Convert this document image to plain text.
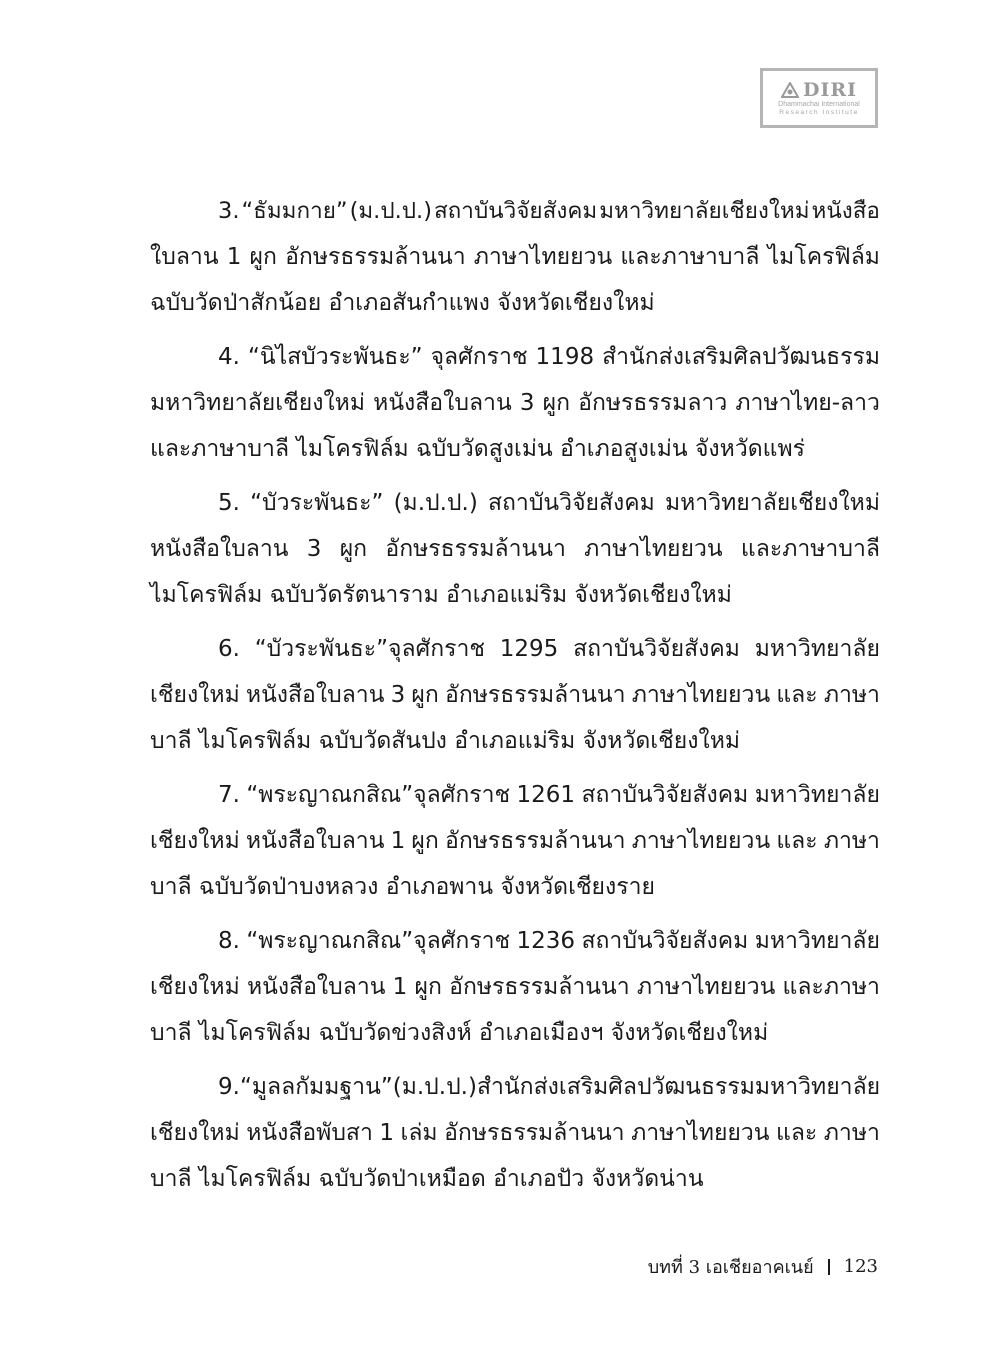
DIRI
Dhammachai International
Research Institute
3. “ธัมมกาย” (ม.ป.ป.) สถาบันวิจัยสังคม มหาวิทยาลัยเชียงใหม่ หนังสือ
ใบลาน 1 ผูก อักษรธรรมล้านนา ภาษาไทยยวน และภาษาบาลี ไมโครฟิล์ม
ฉบับวัดป่าสักน้อย อำเภอสันกำแพง จังหวัดเชียงใหม่
4. “นิไสบัวระพันธะ” จุลศักราช 1198 สำนักส่งเสริมศิลปวัฒนธรรม
มหาวิทยาลัยเชียงใหม่ หนังสือใบลาน 3 ผูก อักษรธรรมลาว ภาษาไทย-ลาว
และภาษาบาลี ไมโครฟิล์ม ฉบับวัดสูงเม่น อำเภอสูงเม่น จังหวัดแพร่
5. “บัวระพันธะ” (ม.ป.ป.) สถาบันวิจัยสังคม มหาวิทยาลัยเชียงใหม่
หนังสือใบลาน 3 ผูก อักษรธรรมล้านนา ภาษาไทยยวน และภาษาบาลี
ไมโครฟิล์ม ฉบับวัดรัตนาราม อำเภอแม่ริม จังหวัดเชียงใหม่
6. “บัวระพันธะ”จุลศักราช 1295 สถาบันวิจัยสังคม มหาวิทยาลัย
เชียงใหม่ หนังสือใบลาน 3 ผูก อักษรธรรมล้านนา ภาษาไทยยวน และ ภาษา
บาลี ไมโครฟิล์ม ฉบับวัดสันปง อำเภอแม่ริม จังหวัดเชียงใหม่
7. “พระญาณกสิณ”จุลศักราช 1261 สถาบันวิจัยสังคม มหาวิทยาลัย
เชียงใหม่ หนังสือใบลาน 1 ผูก อักษรธรรมล้านนา ภาษาไทยยวน และ ภาษา
บาลี ฉบับวัดป่าบงหลวง อำเภอพาน จังหวัดเชียงราย
8. “พระญาณกสิณ”จุลศักราช 1236 สถาบันวิจัยสังคม มหาวิทยาลัย
เชียงใหม่ หนังสือใบลาน 1 ผูก อักษรธรรมล้านนา ภาษาไทยยวน และภาษา
บาลี ไมโครฟิล์ม ฉบับวัดข่วงสิงห์ อำเภอเมืองฯ จังหวัดเชียงใหม่
9. “มูลลกัมมฐาน” (ม.ป.ป.) สำนักส่งเสริมศิลปวัฒนธรรม มหาวิทยาลัย
เชียงใหม่ หนังสือพับสา 1 เล่ม อักษรธรรมล้านนา ภาษาไทยยวน และ ภาษา
บาลี ไมโครฟิล์ม ฉบับวัดป่าเหมือด อำเภอปัว จังหวัดน่าน
บทที่ 3 เอเชียอาคเนย์ 123
